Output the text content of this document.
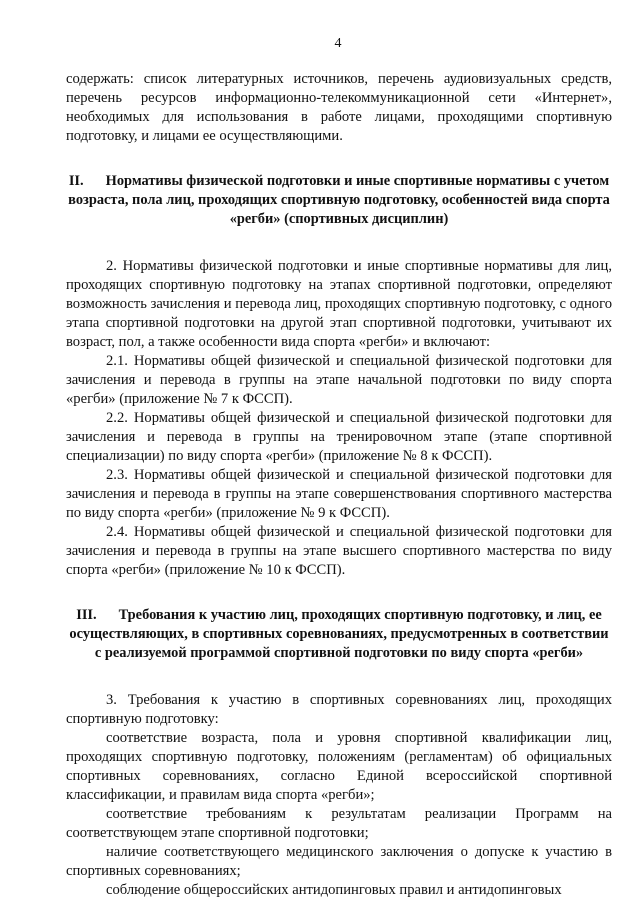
4

содержать: список литературных источников, перечень аудиовизуальных средств, перечень ресурсов информационно-телекоммуникационной сети «Интернет», необходимых для использования в работе лицами, проходящими спортивную подготовку, и лицами ее осуществляющими.

II. Нормативы физической подготовки и иные спортивные нормативы с учетом возраста, пола лиц, проходящих спортивную подготовку, особенностей вида спорта «регби» (спортивных дисциплин)

2. Нормативы физической подготовки и иные спортивные нормативы для лиц, проходящих спортивную подготовку на этапах спортивной подготовки, определяют возможность зачисления и перевода лиц, проходящих спортивную подготовку, с одного этапа спортивной подготовки на другой этап спортивной подготовки, учитывают их возраст, пол, а также особенности вида спорта «регби» и включают:

2.1. Нормативы общей физической и специальной физической подготовки для зачисления и перевода в группы на этапе начальной подготовки по виду спорта «регби» (приложение № 7 к ФССП).

2.2. Нормативы общей физической и специальной физической подготовки для зачисления и перевода в группы на тренировочном этапе (этапе спортивной специализации) по виду спорта «регби» (приложение № 8 к ФССП).

2.3. Нормативы общей физической и специальной физической подготовки для зачисления и перевода в группы на этапе совершенствования спортивного мастерства по виду спорта «регби» (приложение № 9 к ФССП).

2.4. Нормативы общей физической и специальной физической подготовки для зачисления и перевода в группы на этапе высшего спортивного мастерства по виду спорта «регби» (приложение № 10 к ФССП).

III. Требования к участию лиц, проходящих спортивную подготовку, и лиц, ее осуществляющих, в спортивных соревнованиях, предусмотренных в соответствии с реализуемой программой спортивной подготовки по виду спорта «регби»

3. Требования к участию в спортивных соревнованиях лиц, проходящих спортивную подготовку:

соответствие возраста, пола и уровня спортивной квалификации лиц, проходящих спортивную подготовку, положениям (регламентам) об официальных спортивных соревнованиях, согласно Единой всероссийской спортивной классификации, и правилам вида спорта «регби»;

соответствие требованиям к результатам реализации Программ на соответствующем этапе спортивной подготовки;

наличие соответствующего медицинского заключения о допуске к участию в спортивных соревнованиях;

соблюдение общероссийских антидопинговых правил и антидопинговых
